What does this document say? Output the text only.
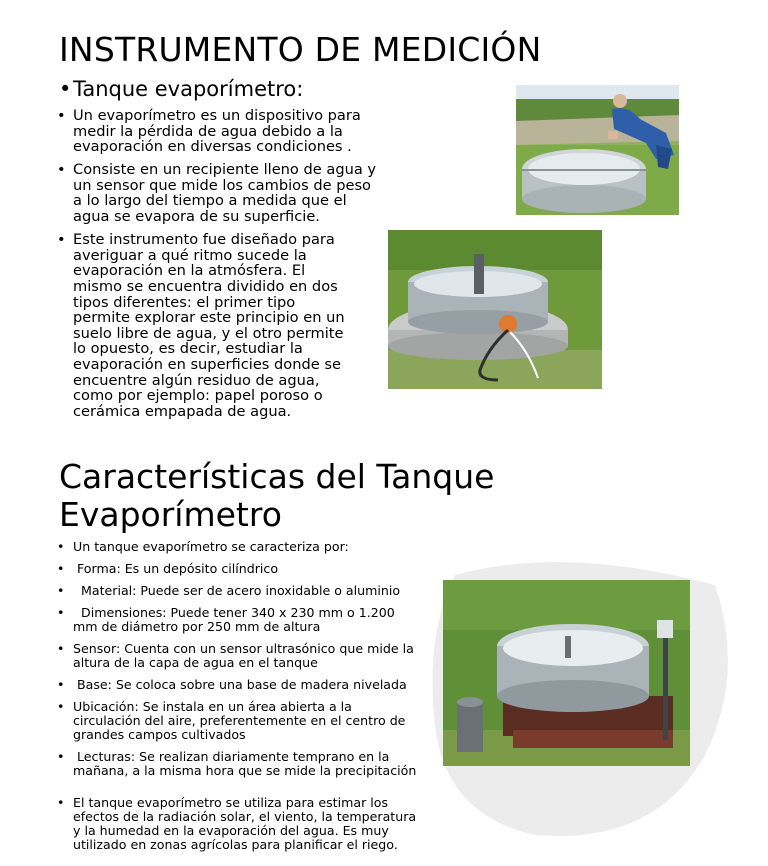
INSTRUMENTO DE MEDICIÓN
• Tanque evaporímetro:
• Un evaporímetro es un dispositivo para medir la pérdida de agua debido a la evaporación en diversas condiciones .
• Consiste en un recipiente lleno de agua y un sensor que mide los cambios de peso a lo largo del tiempo a medida que el agua se evapora de su superficie.
• Este instrumento fue diseñado para averiguar a qué ritmo sucede la evaporación en la atmósfera. El mismo se encuentra dividido en dos tipos diferentes: el primer tipo permite explorar este principio en un suelo libre de agua, y el otro permite lo opuesto, es decir, estudiar la evaporación en superficies donde se encuentre algún residuo de agua, como por ejemplo: papel poroso o cerámica empapada de agua.
Características del Tanque Evaporímetro
• Un tanque evaporímetro se caracteriza por:
• Forma: Es un depósito cilíndrico
• Material: Puede ser de acero inoxidable o aluminio
• Dimensiones: Puede tener 340 x 230 mm o 1.200 mm de diámetro por 250 mm de altura
• Sensor: Cuenta con un sensor ultrasónico que mide la altura de la capa de agua en el tanque
• Base: Se coloca sobre una base de madera nivelada
• Ubicación: Se instala en un área abierta a la circulación del aire, preferentemente en el centro de grandes campos cultivados
• Lecturas: Se realizan diariamente temprano en la mañana, a la misma hora que se mide la precipitación
• El tanque evaporímetro se utiliza para estimar los efectos de la radiación solar, el viento, la temperatura y la humedad en la evaporación del agua. Es muy utilizado en zonas agrícolas para planificar el riego.
